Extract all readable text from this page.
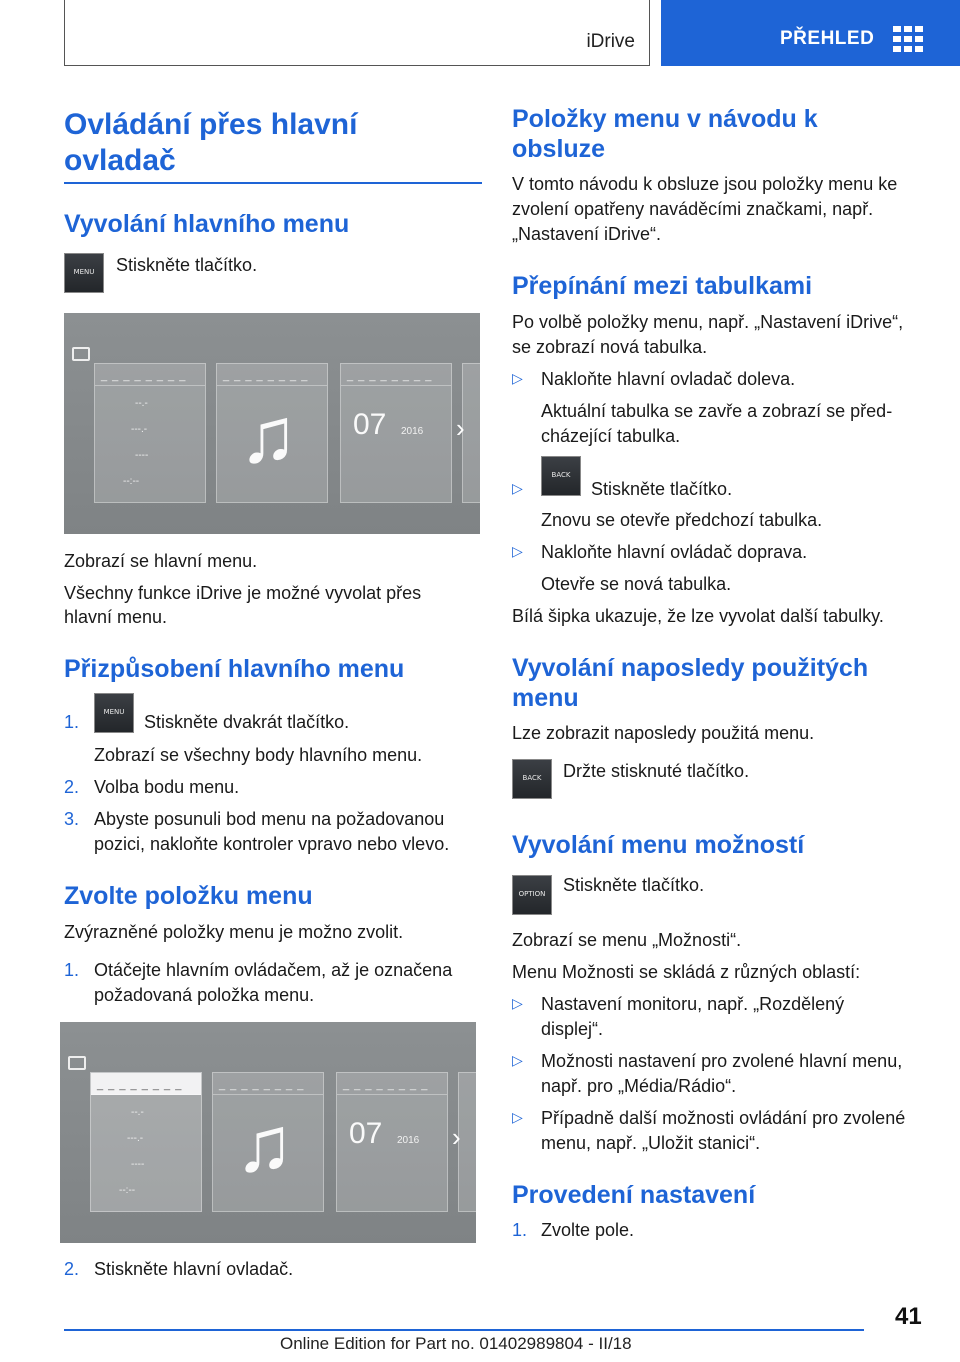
iDrive	PŘEHLED
Ovládání přes hlavní
ovladač
Vyvolání hlavního menu
MENU	Stiskněte tlačítko.
_ _ _ _ _ _ _ _
--.-
---.-
----
--:--
_ _ _ _ _ _ _ _
♫
_ _ _ _ _ _ _ _
07 2016 ›
Zobrazí se hlavní menu.
Všechny funkce iDrive je možné vyvolat přes
hlavní menu.
Přizpůsobení hlavního menu
1.	MENU	Stiskněte dvakrát tlačítko.
Zobrazí se všechny body hlavního menu.
2. Volba bodu menu.
3. Abyste posunuli bod menu na požadovanou
pozici, nakloňte kontroler vpravo nebo vlevo.
Zvolte položku menu
Zvýrazněné položky menu je možno zvolit.
1. Otáčejte hlavním ovládačem, až je označena
požadovaná položka menu.
_ _ _ _ _ _ _ _
--.-
---.-
----
--:--
_ _ _ _ _ _ _ _
♫
_ _ _ _ _ _ _ _
07 2016 ›
2. Stiskněte hlavní ovladač.
Položky menu v návodu k
obsluze
V tomto návodu k obsluze jsou položky menu ke
zvolení opatřeny naváděcími značkami, např.
„Nastavení iDrive“.
Přepínání mezi tabulkami
Po volbě položky menu, např. „Nastavení iDrive“,
se zobrazí nová tabulka.
▷ Nakloňte hlavní ovladač doleva.
Aktuální tabulka se zavře a zobrazí se před-
cházející tabulka.
▷
BACK
Stiskněte tlačítko.
Znovu se otevře předchozí tabulka.
▷ Nakloňte hlavní ovládač doprava.
Otevře se nová tabulka.
Bílá šipka ukazuje, že lze vyvolat další tabulky.
Vyvolání naposledy použitých
menu
Lze zobrazit naposledy použitá menu.
BACK	Držte stisknuté tlačítko.
Vyvolání menu možností
OPTION Stiskněte tlačítko.
Zobrazí se menu „Možnosti“.
Menu Možnosti se skládá z různých oblastí:
▷ Nastavení monitoru, např. „Rozdělený
displej“.
▷ Možnosti nastavení pro zvolené hlavní menu,
např. pro „Média/Rádio“.
▷ Případně další možnosti ovládání pro zvolené
menu, např. „Uložit stanici“.
Provedení nastavení
1. Zvolte pole.
41
Online Edition for Part no. 01402989804 - II/18
